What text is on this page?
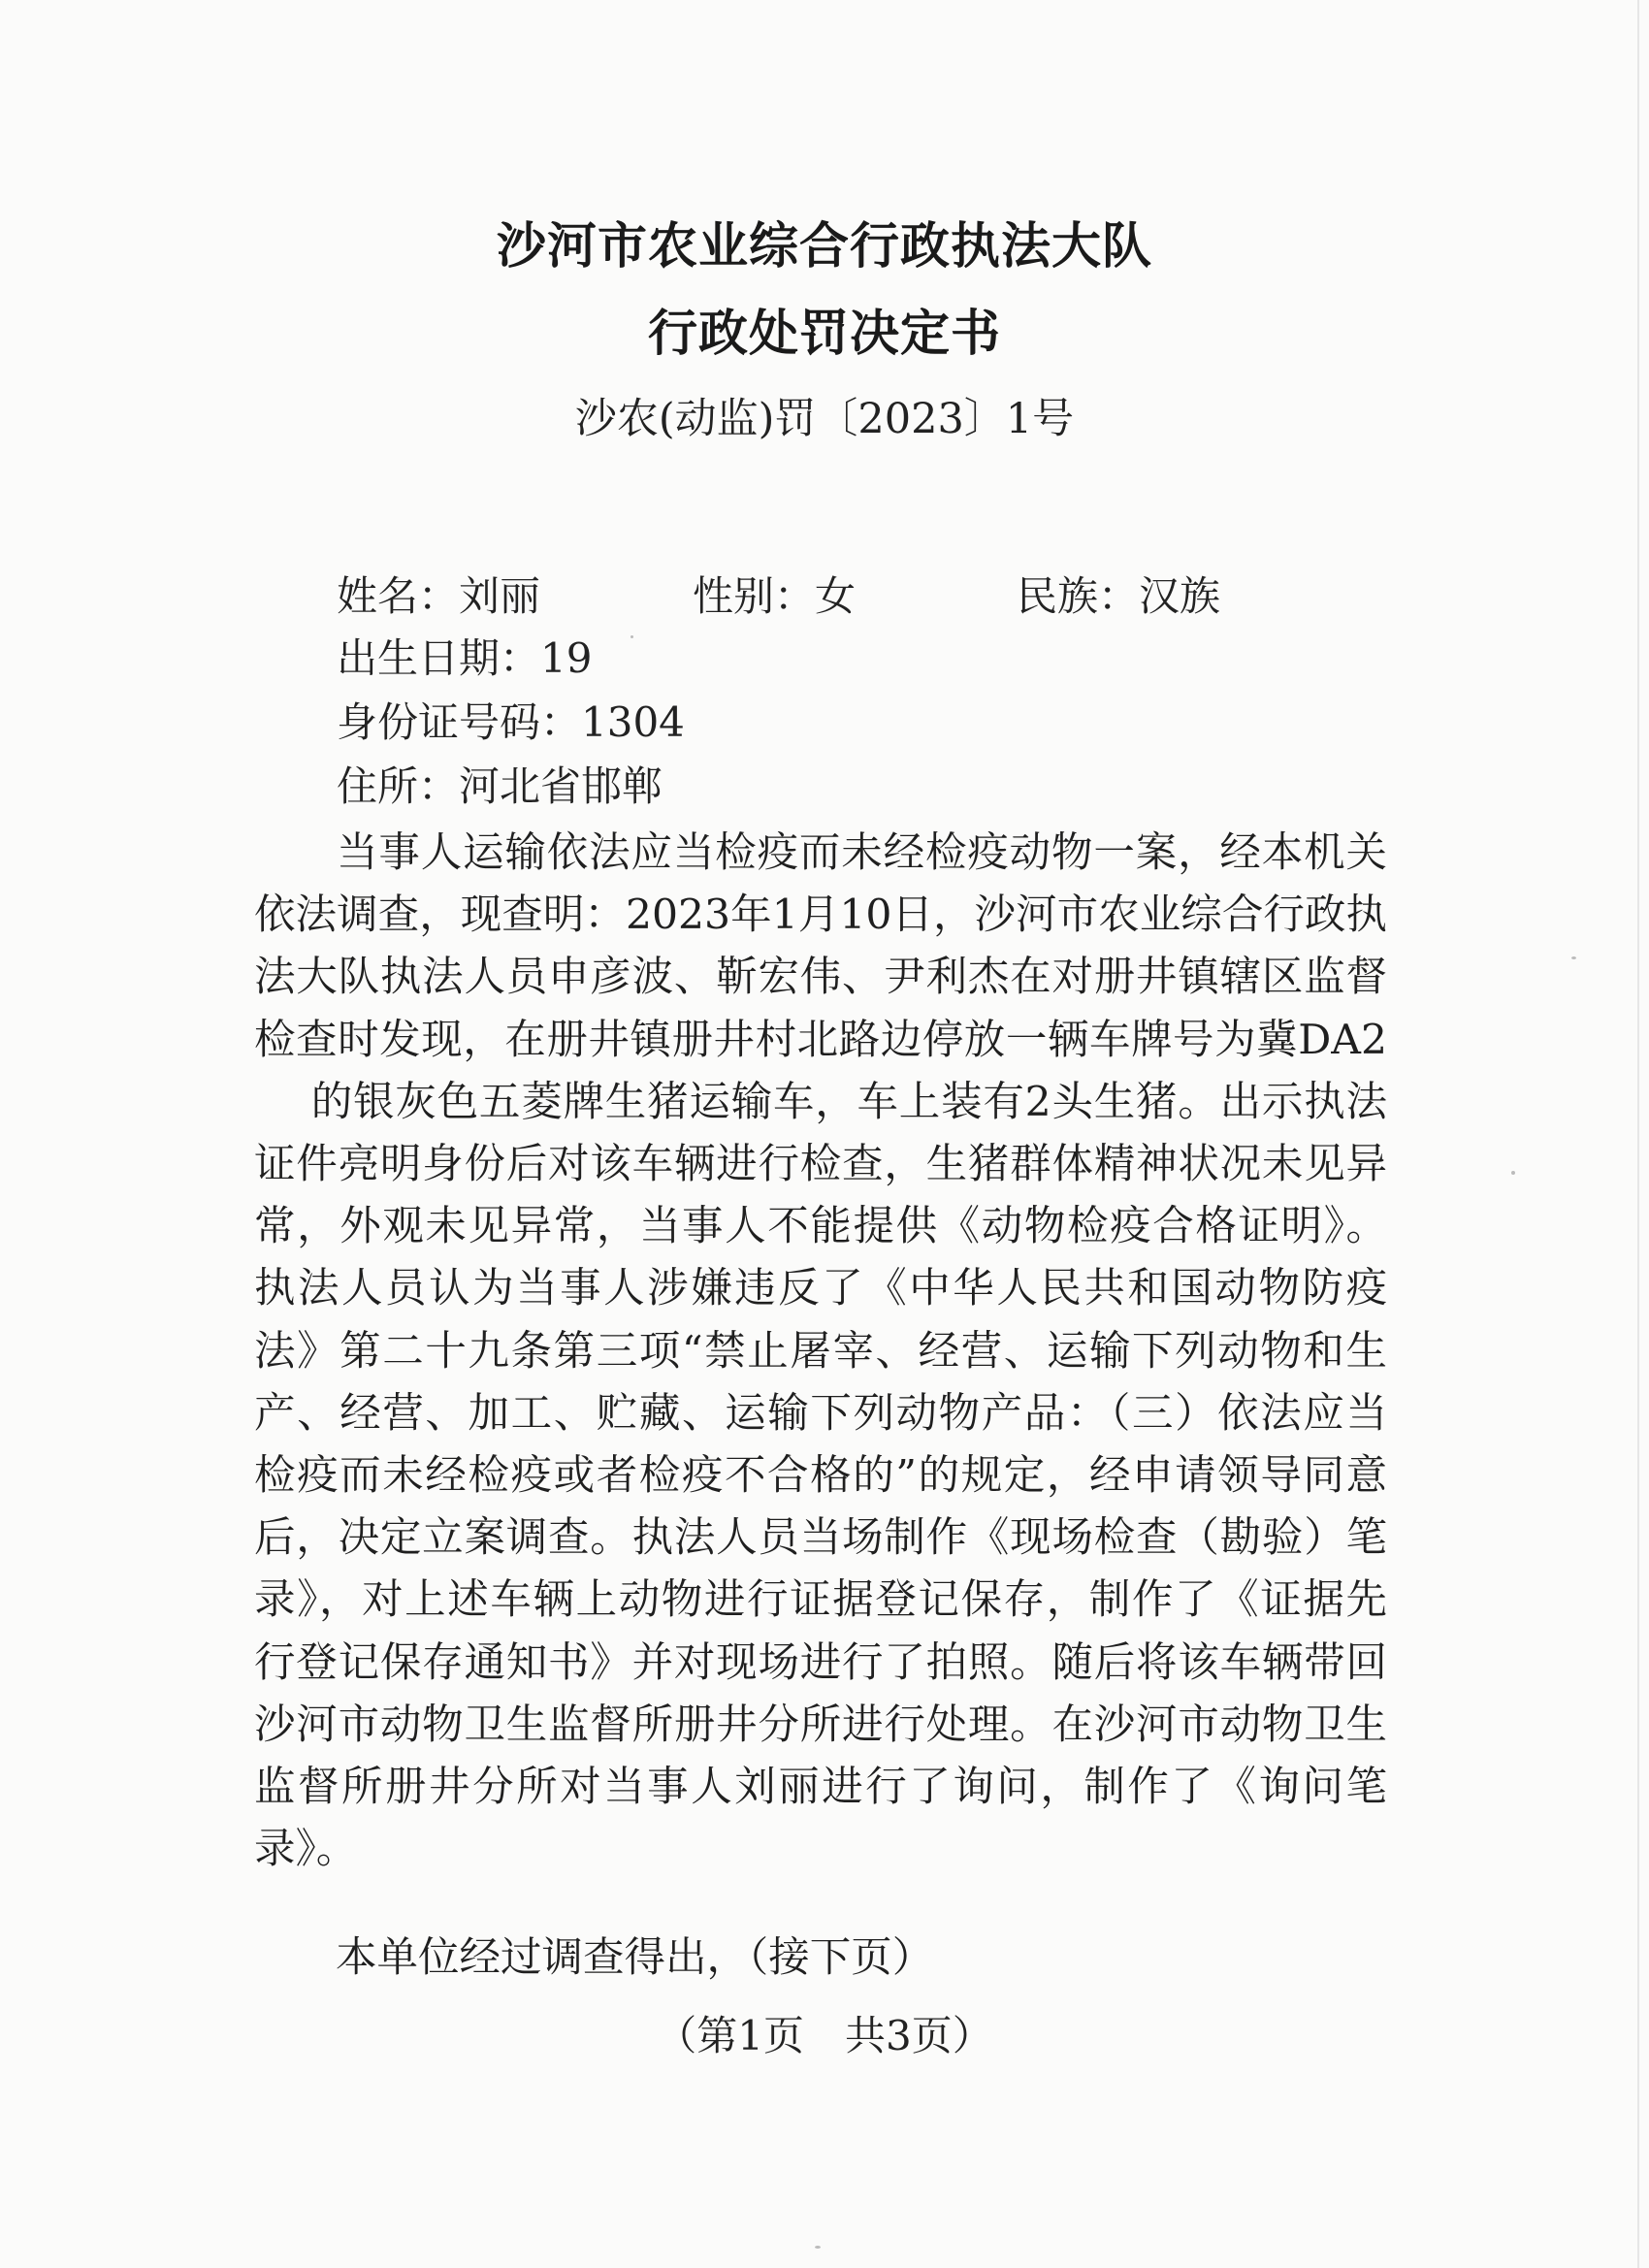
沙河市农业综合行政执法大队
行政处罚决定书
沙农(动监)罚〔2023〕1号
姓名：刘丽	性别：女	民族：汉族
出生日期：19
身份证号码：1304
住所：河北省邯郸

当事人运输依法应当检疫而未经检疫动物一案，经本机关依法调查，现查明：2023年1月10日，沙河市农业综合行政执法大队执法人员申彦波、靳宏伟、尹利杰在对册井镇辖区监督检查时发现，在册井镇册井村北路边停放一辆车牌号为冀DA2的银灰色五菱牌生猪运输车，车上装有2头生猪。出示执法证件亮明身份后对该车辆进行检查，生猪群体精神状况未见异常，外观未见异常，当事人不能提供《动物检疫合格证明》。执法人员认为当事人涉嫌违反了《中华人民共和国动物防疫法》第二十九条第三项“禁止屠宰、经营、运输下列动物和生产、经营、加工、贮藏、运输下列动物产品：（三）依法应当检疫而未经检疫或者检疫不合格的”的规定，经申请领导同意后，决定立案调查。执法人员当场制作《现场检查（勘验）笔录》，对上述车辆上动物进行证据登记保存，制作了《证据先行登记保存通知书》并对现场进行了拍照。随后将该车辆带回沙河市动物卫生监督所册井分所进行处理。在沙河市动物卫生监督所册井分所对当事人刘丽进行了询问，制作了《询问笔录》。

本单位经过调查得出，（接下页）
（第1页　共3页）
